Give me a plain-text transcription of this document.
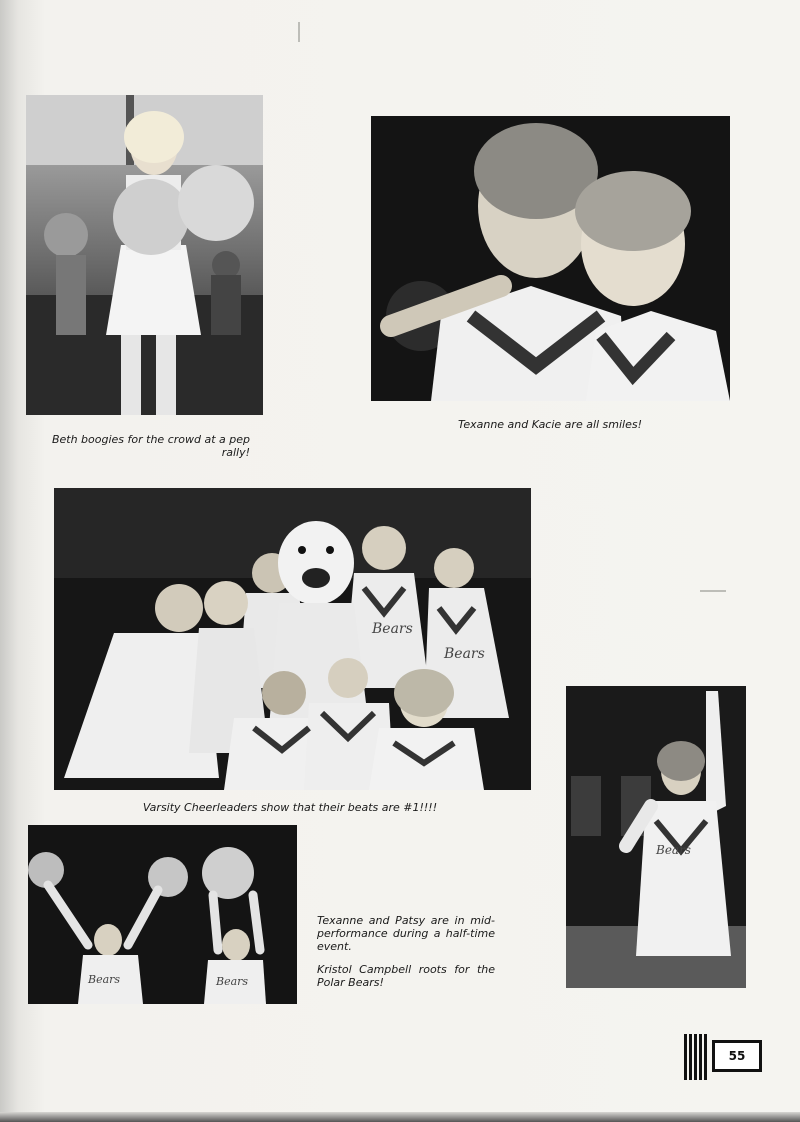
Beth boogies for the crowd at a pep rally!
Texanne and Kacie are all smiles!
Bears
Bears
Varsity Cheerleaders show that their beats are #1!!!!
Bears
Bears	Bears

Texanne and Patsy are in mid-performance during a half-time event.

Kristol Campbell roots for the Polar Bears!

55
